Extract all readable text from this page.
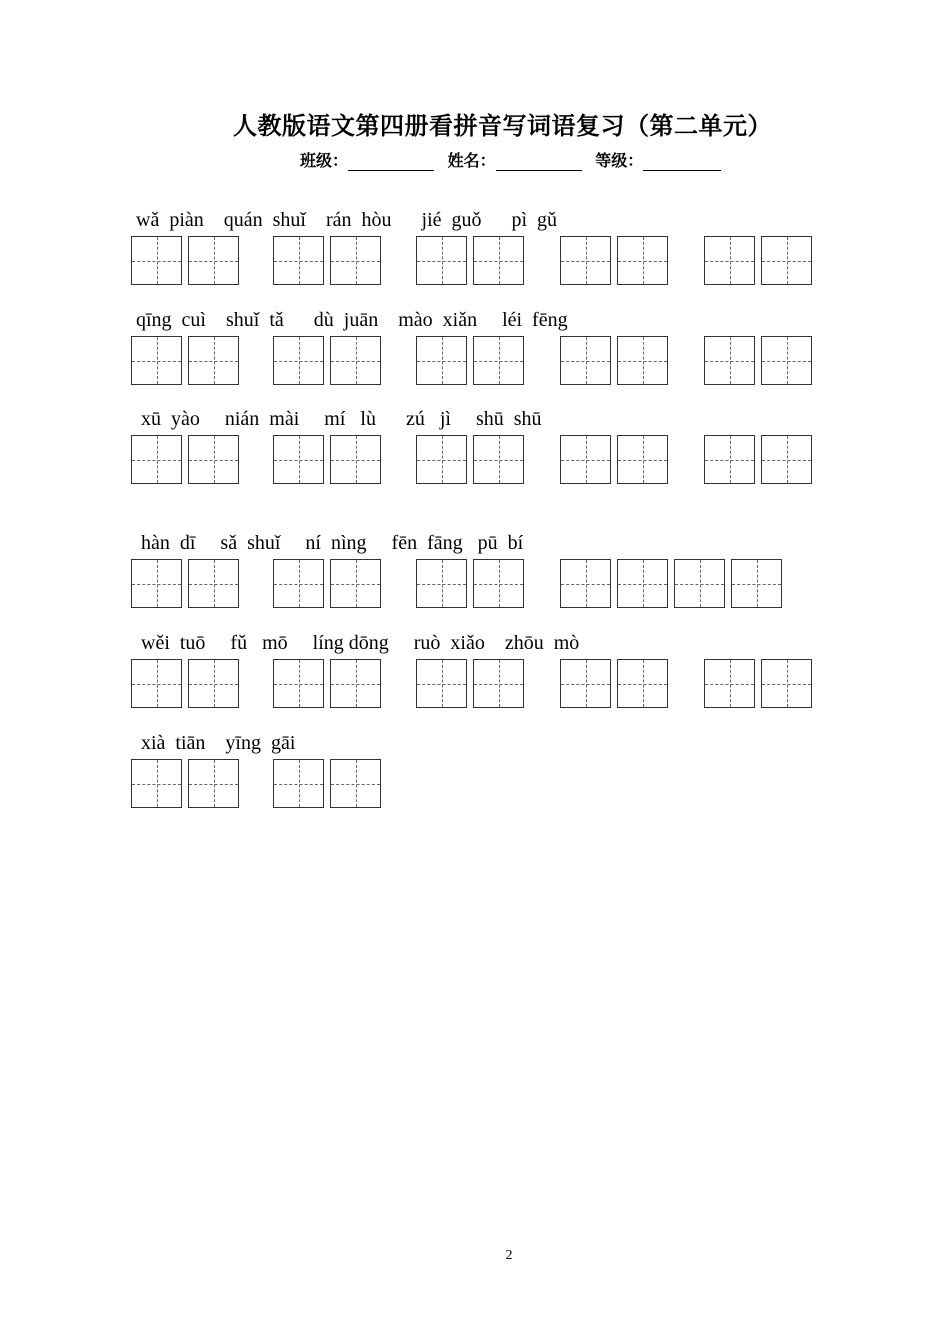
人教版语文第四册看拼音写词语复习（第二单元）
班级：	姓名：	等级：
wǎ  piàn    quán  shuǐ    rán  hòu      jié  guǒ      pì  gǔ
qīng  cuì    shuǐ  tǎ      dù  juān    mào  xiǎn     léi  fēng
xū  yào     nián  mài     mí   lù      zú   jì     shū  shū
hàn  dī     sǎ  shuǐ     ní  nìng     fēn  fāng   pū  bí
wěi  tuō     fǔ   mō     líng dōng     ruò  xiǎo    zhōu  mò
xià  tiān    yīng  gāi
2
